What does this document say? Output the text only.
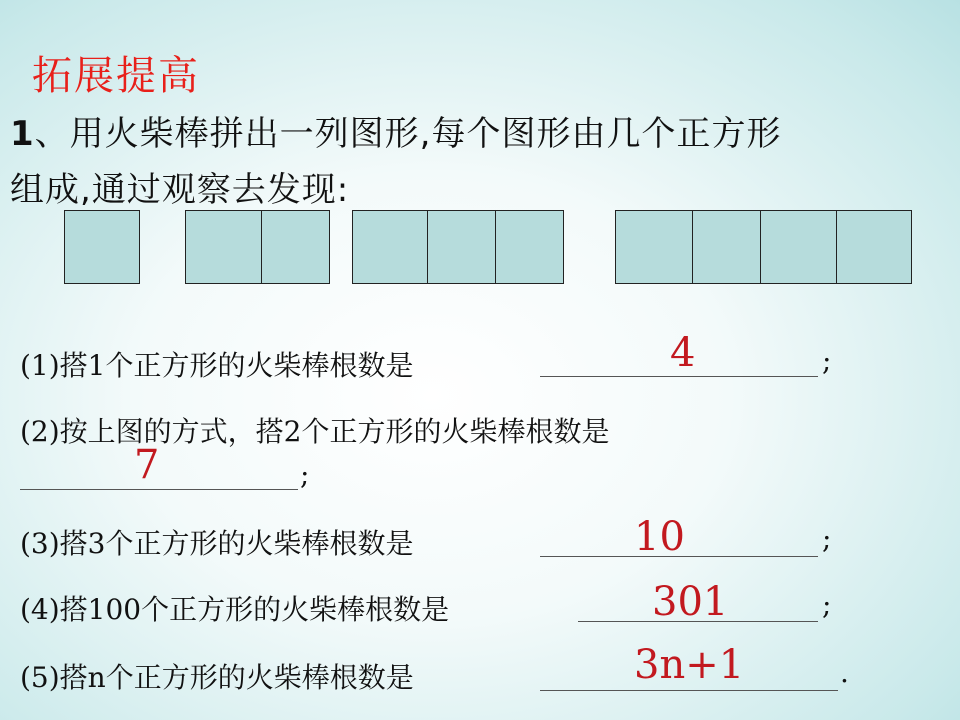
拓展提高
1、用火柴棒拼出一列图形,每个图形由几个正方形
组成,通过观察去发现:
(1)搭1个正方形的火柴棒根数是	;
4
(2)按上图的方式，搭2个正方形的火柴棒根数是
;
7
(3)搭3个正方形的火柴棒根数是	;
10
(4)搭100个正方形的火柴棒根数是	;
301
(5)搭n个正方形的火柴棒根数是	.
3n+1
